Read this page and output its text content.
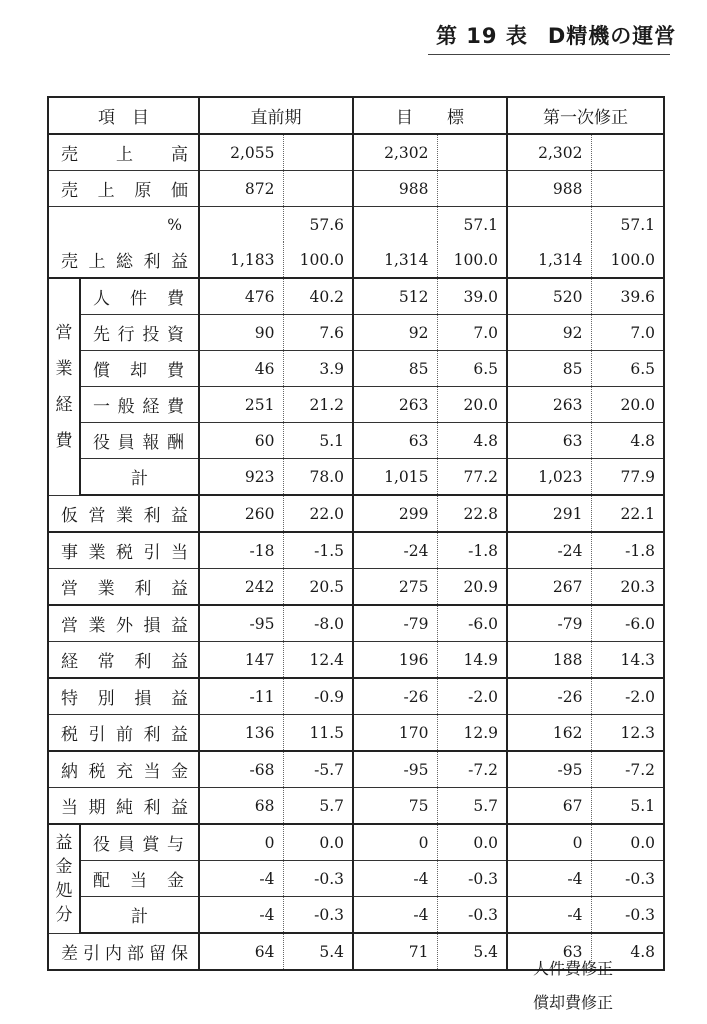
第 19 表 D精機の運営
項　目		直前期		目　　標		第一次修正	
売上高		2,055		2,302		2,302	
売上原価		872		988		988	
%			57.6		57.1		57.1
売上総利益		1,183	100.0	1,314	100.0	1,314	100.0

営
業
経
費	人件費	476	40.2	512	39.0	520	39.6
	先行投資	90	7.6	92	7.0	92	7.0
	償却費	46	3.9	85	6.5	85	6.5
	一般経費	251	21.2	263	20.0	263	20.0
	役員報酬	60	5.1	63	4.8	63	4.8
	計	923	78.0	1,015	77.2	1,023	77.9
仮営業利益		260	22.0	299	22.8	291	22.1
事業税引当		-18	-1.5	-24	-1.8	-24	-1.8
営業利益		242	20.5	275	20.9	267	20.3
営業外損益		-95	-8.0	-79	-6.0	-79	-6.0
経常利益		147	12.4	196	14.9	188	14.3
特別損益		-11	-0.9	-26	-2.0	-26	-2.0
税引前利益		136	11.5	170	12.9	162	12.3
納税充当金		-68	-5.7	-95	-7.2	-95	-7.2
当期純利益		68	5.7	75	5.7	67	5.1

益
金
処
分	役員賞与	0	0.0	0	0.0	0	0.0
	配当金	-4	-0.3	-4	-0.3	-4	-0.3
	計	-4	-0.3	-4	-0.3	-4	-0.3
差引内部留保		64	5.4	71	5.4	63	4.8
人件費修正
償却費修正
